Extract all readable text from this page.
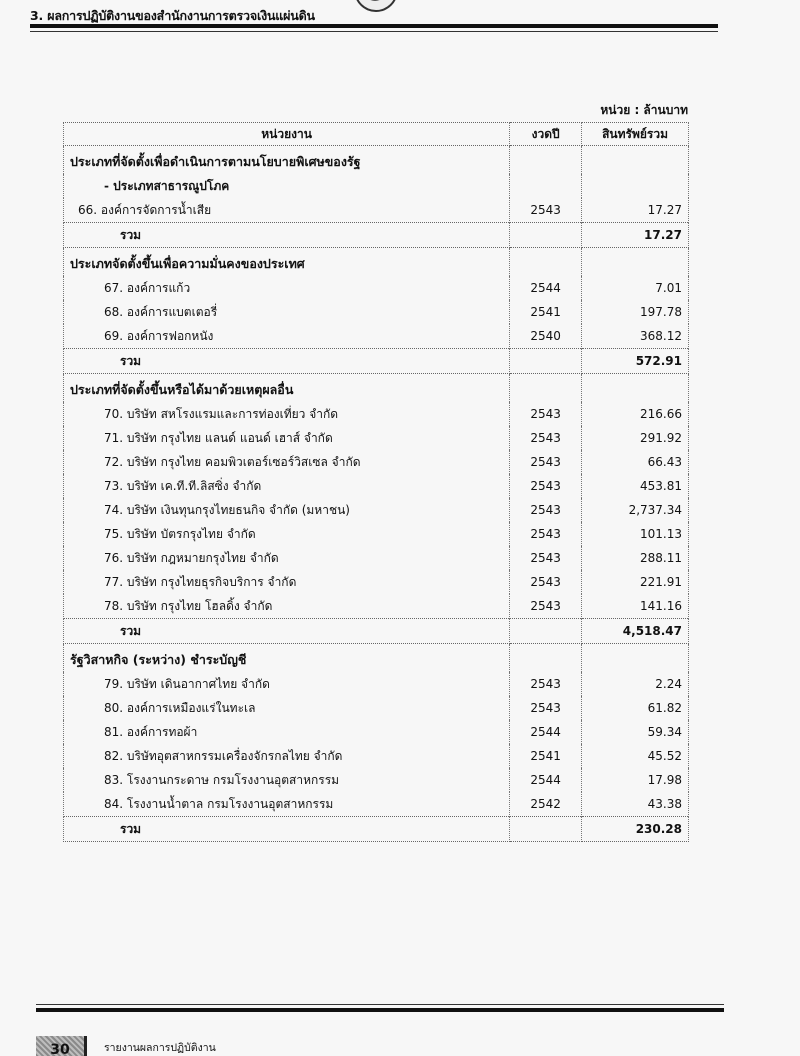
3. ผลการปฏิบัติงานของสำนักงานการตรวจเงินแผ่นดิน
หน่วย : ล้านบาท
หน่วยงาน	งวดปี	สินทรัพย์รวม
ประเภทที่จัดตั้งเพื่อดำเนินการตามนโยบายพิเศษของรัฐ		
- ประเภทสาธารณูปโภค		
66. องค์การจัดการน้ำเสีย	2543	17.27
รวม		17.27
ประเภทจัดตั้งขึ้นเพื่อความมั่นคงของประเทศ		
67. องค์การแก้ว	2544	7.01
68. องค์การแบตเตอรี่	2541	197.78
69. องค์การฟอกหนัง	2540	368.12
รวม		572.91
ประเภทที่จัดตั้งขึ้นหรือได้มาด้วยเหตุผลอื่น		
70. บริษัท สหโรงแรมและการท่องเที่ยว จำกัด	2543	216.66
71. บริษัท กรุงไทย แลนด์ แอนด์ เฮาส์ จำกัด	2543	291.92
72. บริษัท กรุงไทย คอมพิวเตอร์เซอร์วิสเซล จำกัด	2543	66.43
73. บริษัท เค.ที.ที.ลิสซิ่ง จำกัด	2543	453.81
74. บริษัท เงินทุนกรุงไทยธนกิจ จำกัด (มหาชน)	2543	2,737.34
75. บริษัท บัตรกรุงไทย จำกัด	2543	101.13
76. บริษัท กฎหมายกรุงไทย จำกัด	2543	288.11
77. บริษัท กรุงไทยธุรกิจบริการ จำกัด	2543	221.91
78. บริษัท กรุงไทย โฮลดิ้ง จำกัด	2543	141.16
รวม		4,518.47
รัฐวิสาหกิจ (ระหว่าง) ชำระบัญชี		
79. บริษัท เดินอากาศไทย จำกัด	2543	2.24
80. องค์การเหมืองแร่ในทะเล	2543	61.82
81. องค์การทอผ้า	2544	59.34
82. บริษัทอุตสาหกรรมเครื่องจักรกลไทย จำกัด	2541	45.52
83. โรงงานกระดาษ กรมโรงงานอุตสาหกรรม	2544	17.98
84. โรงงานน้ำตาล กรมโรงงานอุตสาหกรรม	2542	43.38
รวม		230.28
30	รายงานผลการปฏิบัติงาน
